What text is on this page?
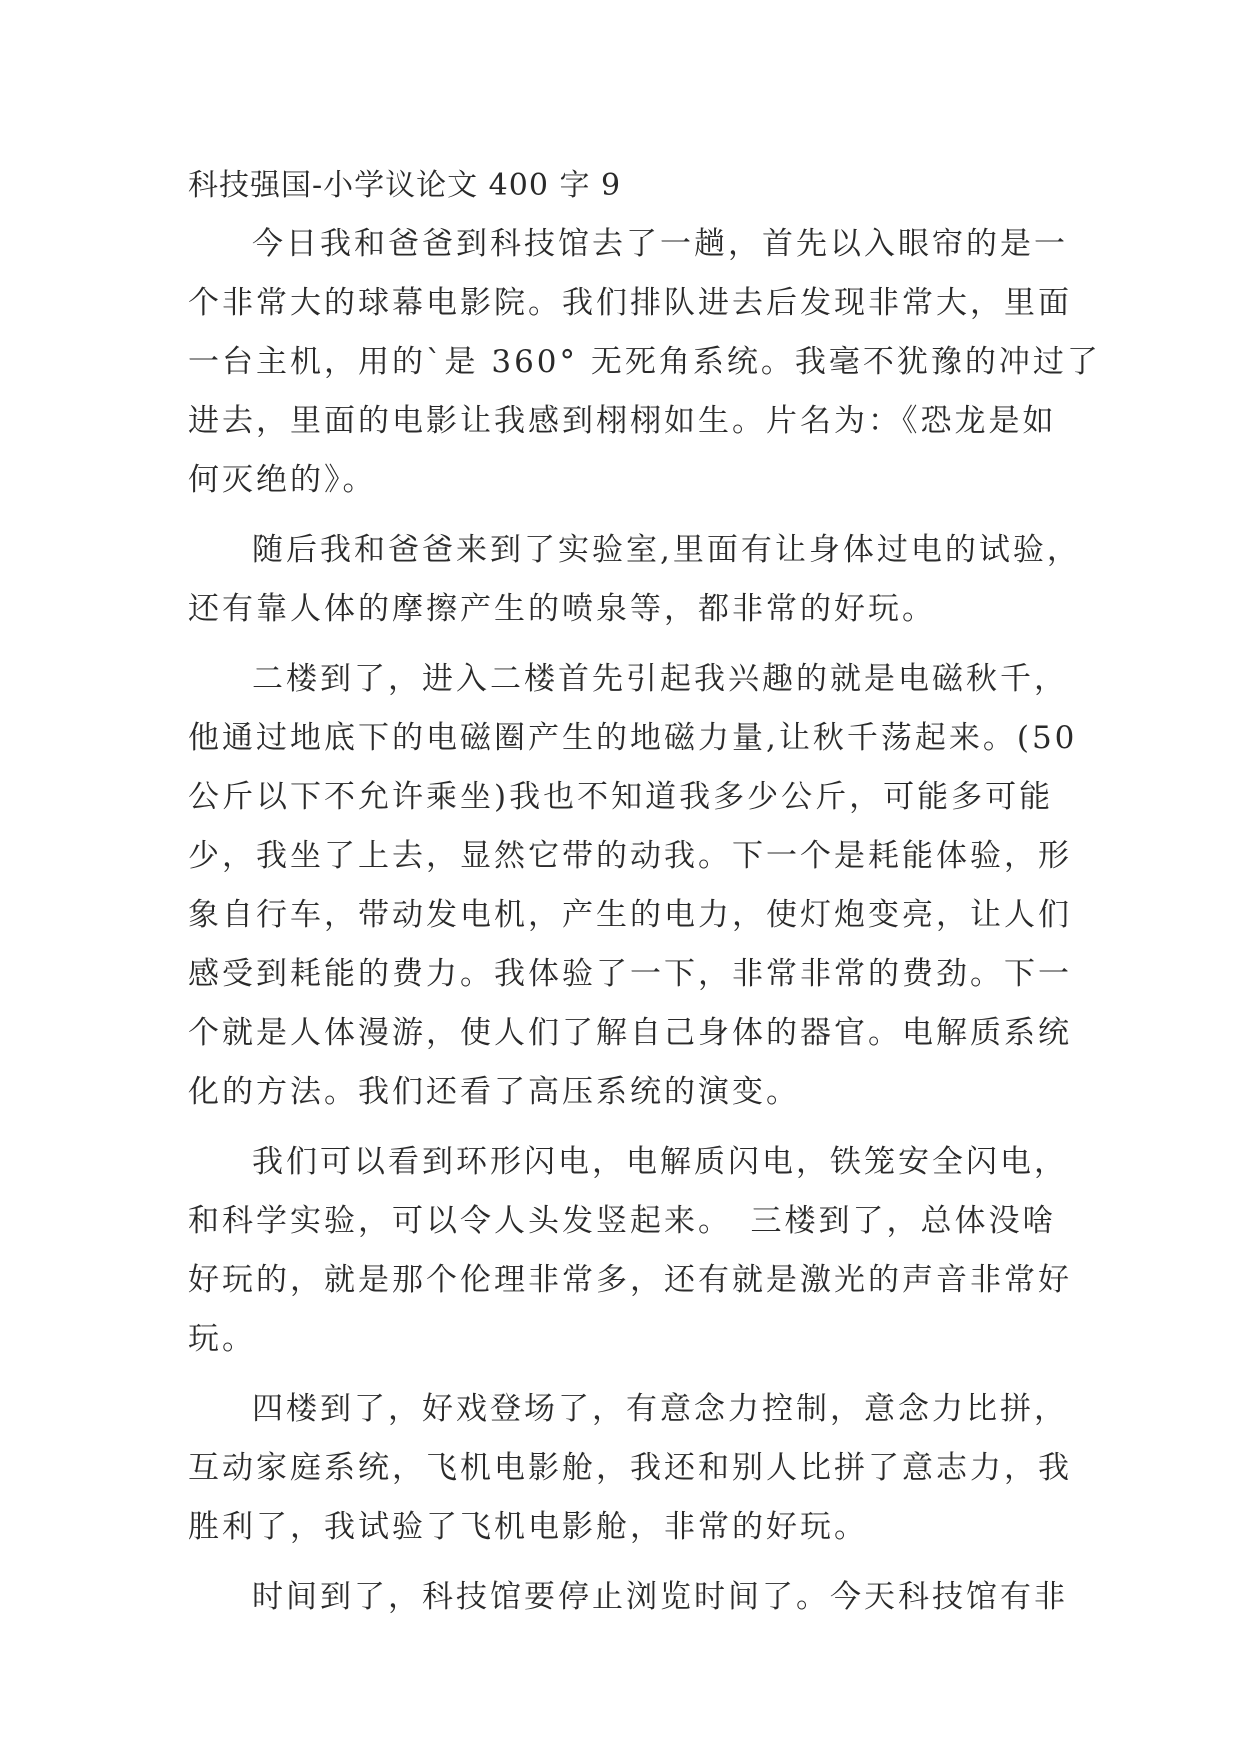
科技强国-小学议论文 400 字 9

今日我和爸爸到科技馆去了一趟，首先以入眼帘的是一
个非常大的球幕电影院。我们排队进去后发现非常大，里面
一台主机，用的`是 360° 无死角系统。我毫不犹豫的冲过了
进去，里面的电影让我感到栩栩如生。片名为：《恐龙是如
何灭绝的》。

随后我和爸爸来到了实验室,里面有让身体过电的试验，
还有靠人体的摩擦产生的喷泉等，都非常的好玩。

二楼到了，进入二楼首先引起我兴趣的就是电磁秋千，
他通过地底下的电磁圈产生的地磁力量,让秋千荡起来。(50
公斤以下不允许乘坐)我也不知道我多少公斤，可能多可能
少，我坐了上去，显然它带的动我。下一个是耗能体验，形
象自行车，带动发电机，产生的电力，使灯炮变亮，让人们
感受到耗能的费力。我体验了一下，非常非常的费劲。下一
个就是人体漫游，使人们了解自己身体的器官。电解质系统
化的方法。我们还看了高压系统的演变。

我们可以看到环形闪电，电解质闪电，铁笼安全闪电，
和科学实验，可以令人头发竖起来。　三楼到了，总体没啥
好玩的，就是那个伦理非常多，还有就是激光的声音非常好
玩。

四楼到了，好戏登场了，有意念力控制，意念力比拼，
互动家庭系统，飞机电影舱，我还和别人比拼了意志力，我
胜利了，我试验了飞机电影舱，非常的好玩。

时间到了，科技馆要停止浏览时间了。今天科技馆有非
